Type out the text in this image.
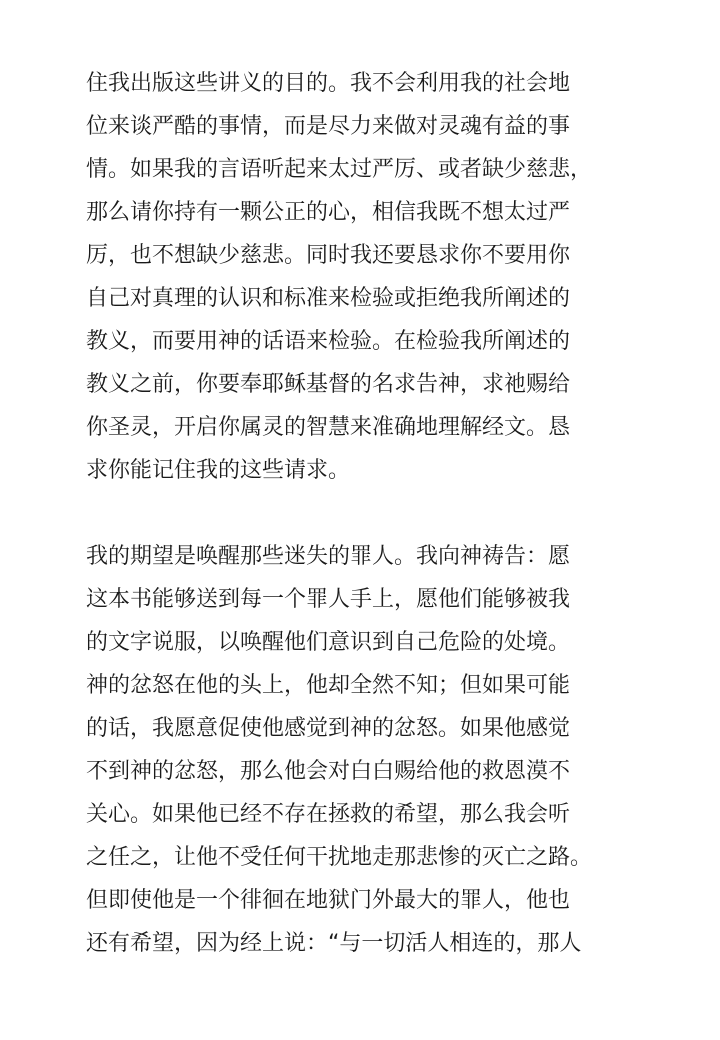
住我出版这些讲义的目的。我不会利用我的社会地
位来谈严酷的事情，而是尽力来做对灵魂有益的事
情。如果我的言语听起来太过严厉、或者缺少慈悲，
那么请你持有一颗公正的心，相信我既不想太过严
厉，也不想缺少慈悲。同时我还要恳求你不要用你
自己对真理的认识和标准来检验或拒绝我所阐述的
教义，而要用神的话语来检验。在检验我所阐述的
教义之前，你要奉耶稣基督的名求告神，求祂赐给
你圣灵，开启你属灵的智慧来准确地理解经文。恳
求你能记住我的这些请求。
我的期望是唤醒那些迷失的罪人。我向神祷告：愿
这本书能够送到每一个罪人手上，愿他们能够被我
的文字说服，以唤醒他们意识到自己危险的处境。
神的忿怒在他的头上，他却全然不知；但如果可能
的话，我愿意促使他感觉到神的忿怒。如果他感觉
不到神的忿怒，那么他会对白白赐给他的救恩漠不
关心。如果他已经不存在拯救的希望，那么我会听
之任之，让他不受任何干扰地走那悲惨的灭亡之路。
但即使他是一个徘徊在地狱门外最大的罪人，他也
还有希望，因为经上说：“与一切活人相连的，那人
